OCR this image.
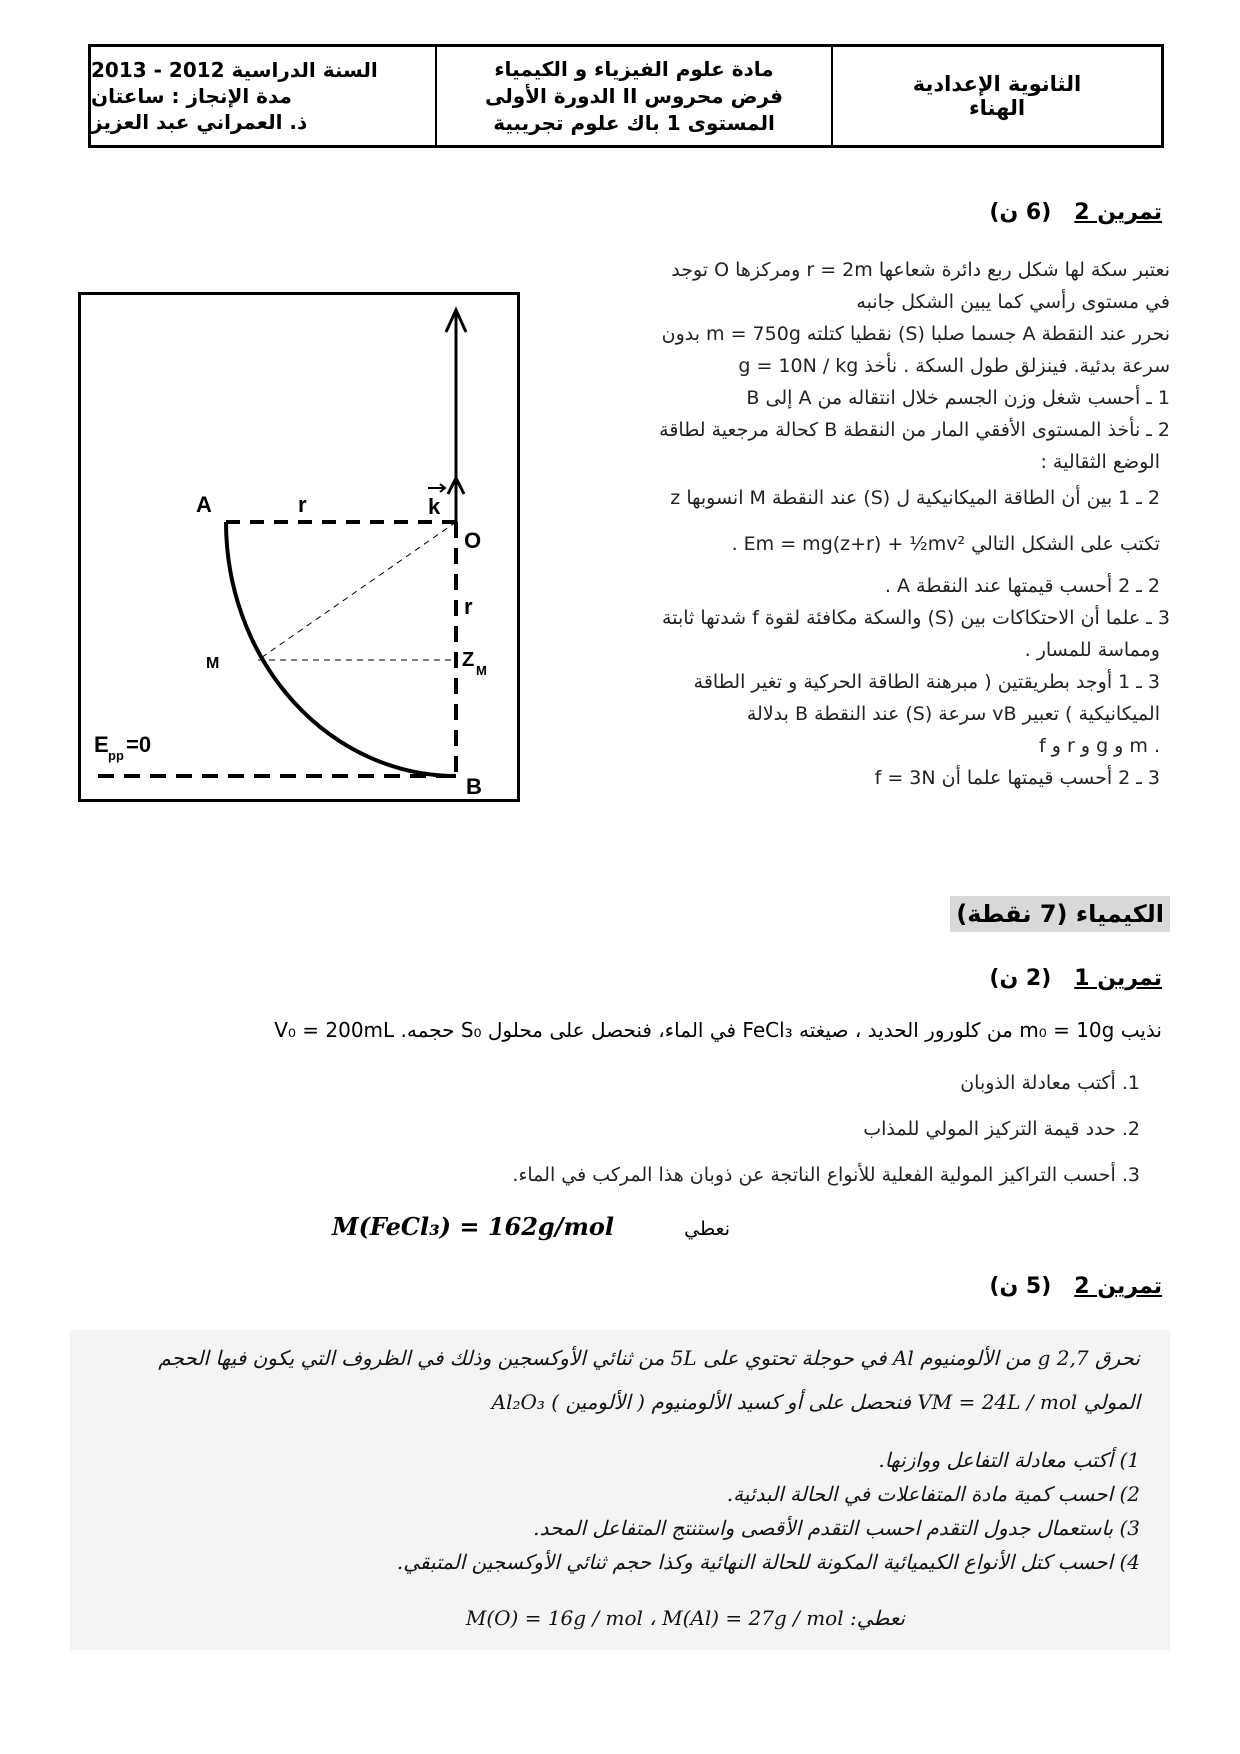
الثانوية الإعدادية
الهناء
مادة علوم الفيزياء و الكيمياء
فرض محروس II الدورة الأولى
المستوى 1 باك علوم تجريبية
السنة الدراسية 2012 - 2013
مدة الإنجاز : ساعتان
ذ. العمراني عبد العزيز
تمرين 2   (6 ن)
A	r	k
O
r
M	Z M
E pp =0
B
نعتبر سكة لها شكل ربع دائرة شعاعها r = 2m ومركزها O توجد
في مستوى رأسي كما يبين الشكل جانبه
نحرر عند النقطة A جسما صلبا (S) نقطيا كتلته m = 750g بدون
سرعة بدئية. فينزلق طول السكة . نأخذ g = 10N / kg
1 ـ أحسب شغل وزن الجسم خلال انتقاله من A إلى B
2 ـ نأخذ المستوى الأفقي المار من النقطة B كحالة مرجعية لطاقة
الوضع الثقالية :
2 ـ 1 بين أن الطاقة الميكانيكية ل (S) عند النقطة M انسوبها z
تكتب على الشكل التالي Em = mg(z+r) + ½mv² .
2 ـ 2 أحسب قيمتها عند النقطة A .
3 ـ علما أن الاحتكاكات بين (S) والسكة مكافئة لقوة f شدتها ثابتة
ومماسة للمسار .
3 ـ 1 أوجد بطريقتين ( مبرهنة الطاقة الحركية و تغير الطاقة
الميكانيكية ) تعبير vB سرعة (S) عند النقطة B بدلالة
. m و g و r و f
3 ـ 2 أحسب قيمتها علما أن f = 3N
الكيمياء (7 نقطة)
تمرين 1   (2 ن)
نذيب m₀ = 10g من كلورور الحديد ، صيغته FeCl₃ في الماء، فنحصل على محلول S₀ حجمه. V₀ = 200mL
1. أكتب معادلة الذوبان
2. حدد قيمة التركيز المولي للمذاب
3. أحسب التراكيز المولية الفعلية للأنواع الناتجة عن ذوبان هذا المركب في الماء.
نعطي
M(FeCl₃) = 162g/mol
تمرين 2   (5 ن)
نحرق 2,7 g من الألومنيوم Al في حوجلة تحتوي على 5L من ثنائي الأوكسجين وذلك في الظروف التي يكون فيها الحجم
المولي VM = 24L / mol فنحصل على أو كسيد الألومنيوم ( الألومين ) Al₂O₃
1) أكتب معادلة التفاعل ووازنها.
2) احسب كمية مادة المتفاعلات في الحالة البدئية.
3) باستعمال جدول التقدم احسب التقدم الأقصى واستنتج المتفاعل المحد.
4) احسب كتل الأنواع الكيميائية المكونة للحالة النهائية وكذا حجم ثنائي الأوكسجين المتبقي.
نعطي: M(O) = 16g / mol ، M(Al) = 27g / mol
